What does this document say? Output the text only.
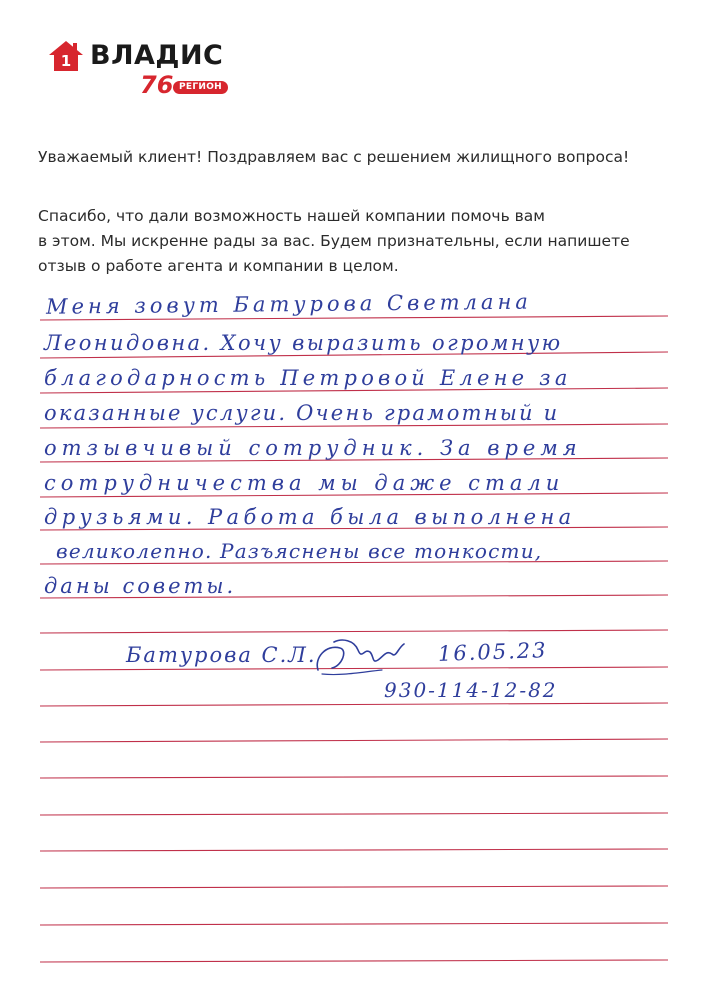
1 ВЛАДИС
76 РЕГИОН
Уважаемый клиент! Поздравляем вас с решением жилищного вопроса!
Спасибо, что дали возможность нашей компании помочь вам
в этом. Мы искренне рады за вас. Будем признательны, если напишете
отзыв о работе агента и компании в целом.
Меня зовут Батурова Светлана
Леонидовна. Хочу выразить огромную
благодарность Петровой Елене за
оказанные услуги. Очень грамотный и
отзывчивый сотрудник. За время
сотрудничества мы даже стали
друзьями. Работа была выполнена
великолепно. Разъяснены все тонкости,
даны советы.
Батурова С.Л.	16.05.23
930-114-12-82
